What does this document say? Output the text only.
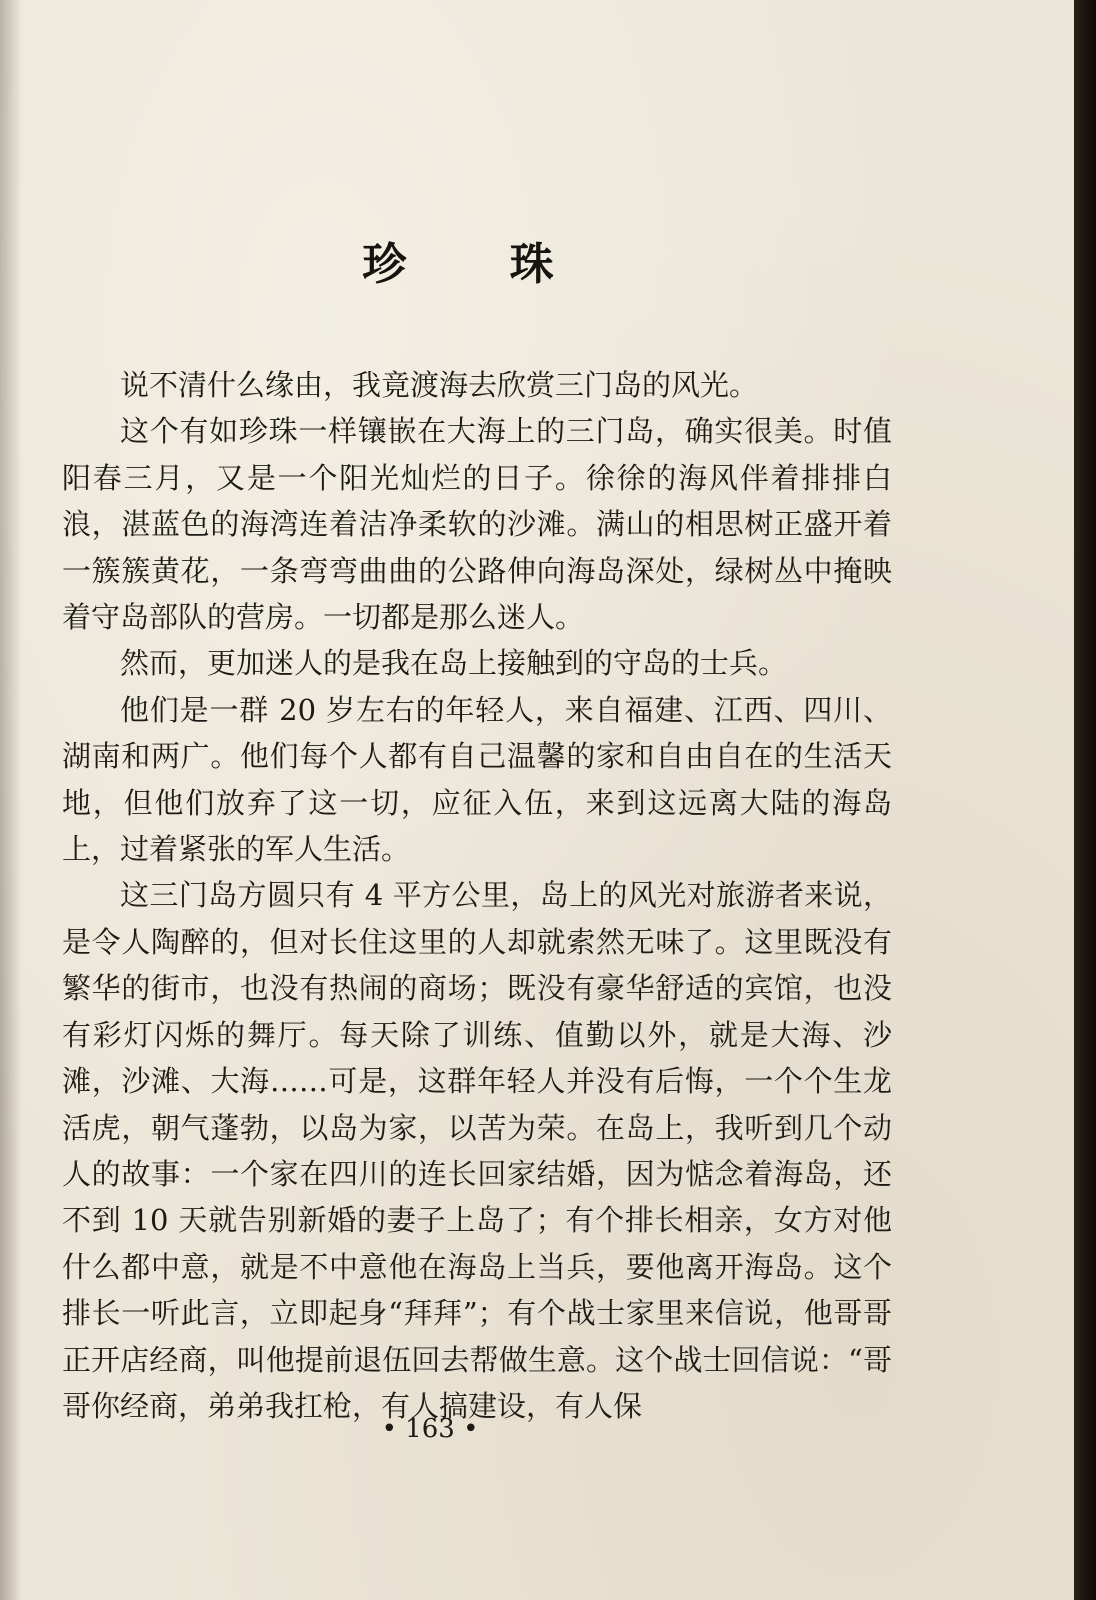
珍 珠

说不清什么缘由，我竟渡海去欣赏三门岛的风光。

这个有如珍珠一样镶嵌在大海上的三门岛，确实很美。时值阳春三月，又是一个阳光灿烂的日子。徐徐的海风伴着排排白浪，湛蓝色的海湾连着洁净柔软的沙滩。满山的相思树正盛开着一簇簇黄花，一条弯弯曲曲的公路伸向海岛深处，绿树丛中掩映着守岛部队的营房。一切都是那么迷人。

然而，更加迷人的是我在岛上接触到的守岛的士兵。

他们是一群 20 岁左右的年轻人，来自福建、江西、四川、湖南和两广。他们每个人都有自己温馨的家和自由自在的生活天地，但他们放弃了这一切，应征入伍，来到这远离大陆的海岛上，过着紧张的军人生活。

这三门岛方圆只有 4 平方公里，岛上的风光对旅游者来说，是令人陶醉的，但对长住这里的人却就索然无味了。这里既没有繁华的街市，也没有热闹的商场；既没有豪华舒适的宾馆，也没有彩灯闪烁的舞厅。每天除了训练、值勤以外，就是大海、沙滩，沙滩、大海……可是，这群年轻人并没有后悔，一个个生龙活虎，朝气蓬勃，以岛为家，以苦为荣。在岛上，我听到几个动人的故事：一个家在四川的连长回家结婚，因为惦念着海岛，还不到 10 天就告别新婚的妻子上岛了；有个排长相亲，女方对他什么都中意，就是不中意他在海岛上当兵，要他离开海岛。这个排长一听此言，立即起身“拜拜”；有个战士家里来信说，他哥哥正开店经商，叫他提前退伍回去帮做生意。这个战士回信说：“哥哥你经商，弟弟我扛枪，有人搞建设，有人保

• 163 •
